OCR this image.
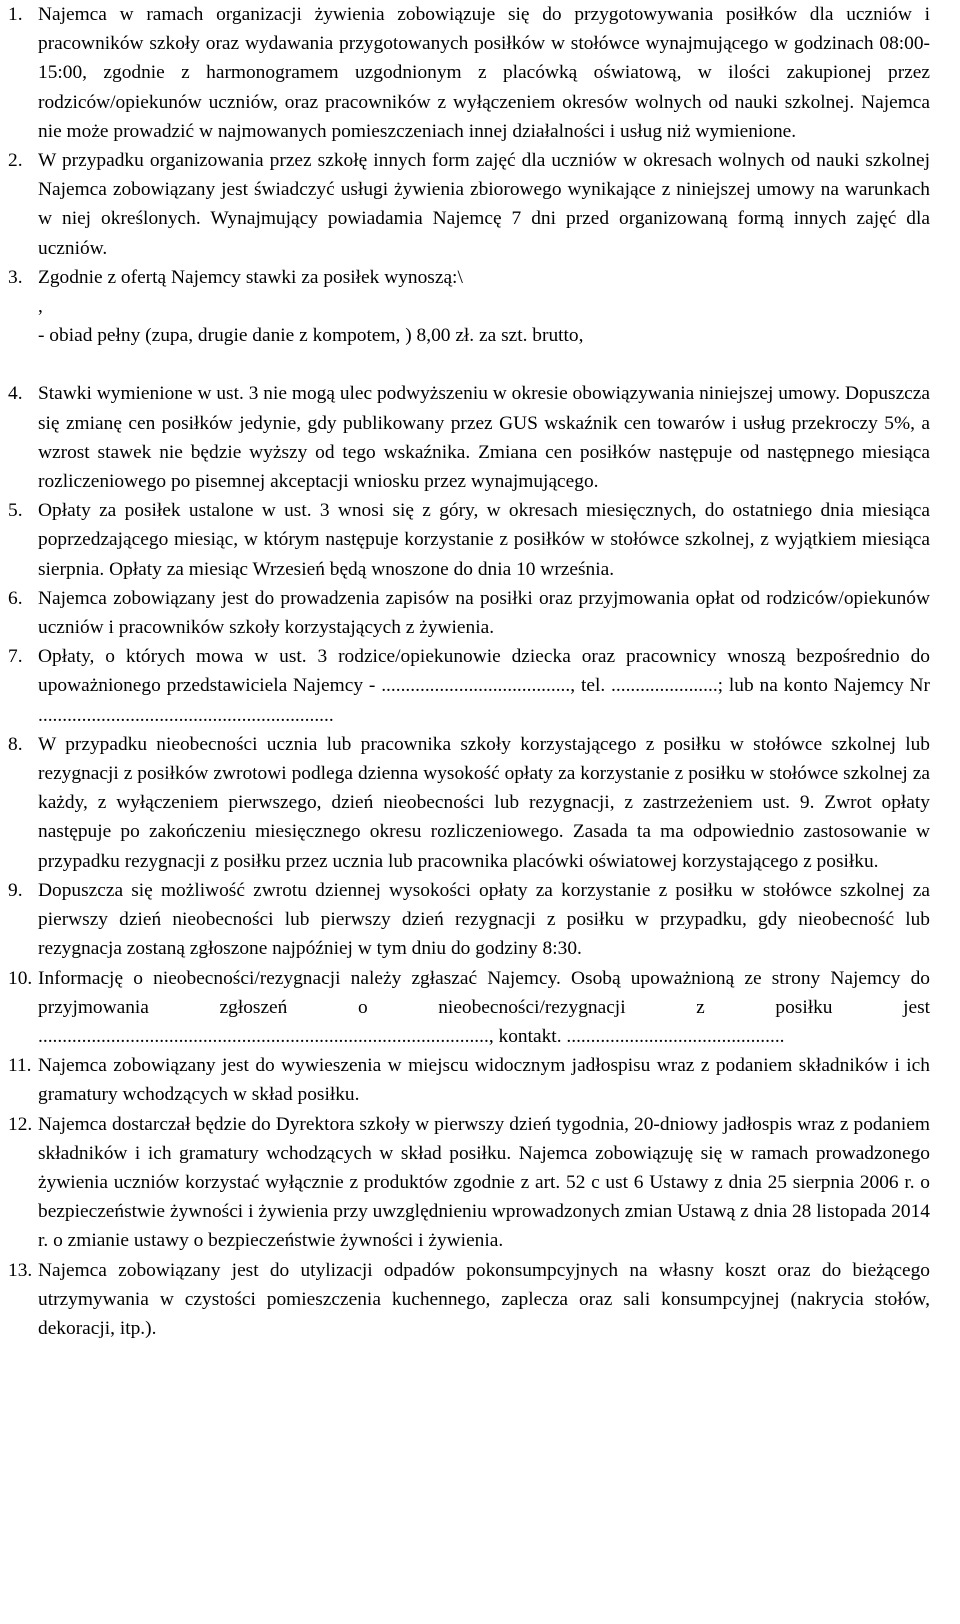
1. Najemca w ramach organizacji żywienia zobowiązuje się do przygotowywania posiłków dla uczniów i pracowników szkoły oraz wydawania przygotowanych posiłków w stołówce wynajmującego w godzinach 08:00-15:00, zgodnie z harmonogramem uzgodnionym z placówką oświatową, w ilości zakupionej przez rodziców/opiekunów uczniów, oraz pracowników z wyłączeniem okresów wolnych od nauki szkolnej. Najemca nie może prowadzić w najmowanych pomieszczeniach innej działalności i usług niż wymienione.

2. W przypadku organizowania przez szkołę innych form zajęć dla uczniów w okresach wolnych od nauki szkolnej Najemca zobowiązany jest świadczyć usługi żywienia zbiorowego wynikające z niniejszej umowy na warunkach w niej określonych. Wynajmujący powiadamia Najemcę 7 dni przed organizowaną formą innych zajęć dla uczniów.

3. Zgodnie z ofertą Najemcy stawki za posiłek wynoszą:\

,

- obiad pełny (zupa, drugie danie z kompotem, ) 8,00 zł. za szt. brutto,

4. Stawki wymienione w ust. 3 nie mogą ulec podwyższeniu w okresie obowiązywania niniejszej umowy. Dopuszcza się zmianę cen posiłków jedynie, gdy publikowany przez GUS wskaźnik cen towarów i usług przekroczy 5%, a wzrost stawek nie będzie wyższy od tego wskaźnika. Zmiana cen posiłków następuje od następnego miesiąca rozliczeniowego po pisemnej akceptacji wniosku przez wynajmującego.

5. Opłaty za posiłek ustalone w ust. 3 wnosi się z góry, w okresach miesięcznych, do ostatniego dnia miesiąca poprzedzającego miesiąc, w którym następuje korzystanie z posiłków w stołówce szkolnej, z wyjątkiem miesiąca sierpnia. Opłaty za miesiąc Wrzesień będą wnoszone do dnia 10 września.

6. Najemca zobowiązany jest do prowadzenia zapisów na posiłki oraz przyjmowania opłat od rodziców/opiekunów uczniów i pracowników szkoły korzystających z żywienia.

7. Opłaty, o których mowa w ust. 3 rodzice/opiekunowie dziecka oraz pracownicy wnoszą bezpośrednio do upoważnionego przedstawiciela Najemcy - ......................................., tel. ......................; lub na konto Najemcy Nr .............................................................

8. W przypadku nieobecności ucznia lub pracownika szkoły korzystającego z posiłku w stołówce szkolnej lub rezygnacji z posiłków zwrotowi podlega dzienna wysokość opłaty za korzystanie z posiłku w stołówce szkolnej za każdy, z wyłączeniem pierwszego, dzień nieobecności lub rezygnacji, z zastrzeżeniem ust. 9. Zwrot opłaty następuje po zakończeniu miesięcznego okresu rozliczeniowego. Zasada ta ma odpowiednio zastosowanie w przypadku rezygnacji z posiłku przez ucznia lub pracownika placówki oświatowej korzystającego z posiłku.

9. Dopuszcza się możliwość zwrotu dziennej wysokości opłaty za korzystanie z posiłku w stołówce szkolnej za pierwszy dzień nieobecności lub pierwszy dzień rezygnacji z posiłku w przypadku, gdy nieobecność lub rezygnacja zostaną zgłoszone najpóźniej w tym dniu do godziny 8:30.

10. Informację o nieobecności/rezygnacji należy zgłaszać Najemcy. Osobą upoważnioną ze strony Najemcy do przyjmowania zgłoszeń o nieobecności/rezygnacji z posiłku jest ............................................................................................., kontakt. .............................................

11. Najemca zobowiązany jest do wywieszenia w miejscu widocznym jadłospisu wraz z podaniem składników i ich gramatury wchodzących w skład posiłku.

12. Najemca dostarczał będzie do Dyrektora szkoły w pierwszy dzień tygodnia, 20-dniowy jadłospis wraz z podaniem składników i ich gramatury wchodzących w skład posiłku. Najemca zobowiązuję się w ramach prowadzonego żywienia uczniów korzystać wyłącznie z produktów zgodnie z art. 52 c ust 6 Ustawy z dnia 25 sierpnia 2006 r. o bezpieczeństwie żywności i żywienia przy uwzględnieniu wprowadzonych zmian Ustawą z dnia 28 listopada 2014 r. o zmianie ustawy o bezpieczeństwie żywności i żywienia.

13. Najemca zobowiązany jest do utylizacji odpadów pokonsumpcyjnych na własny koszt oraz do bieżącego utrzymywania w czystości pomieszczenia kuchennego, zaplecza oraz sali konsumpcyjnej (nakrycia stołów, dekoracji, itp.).
